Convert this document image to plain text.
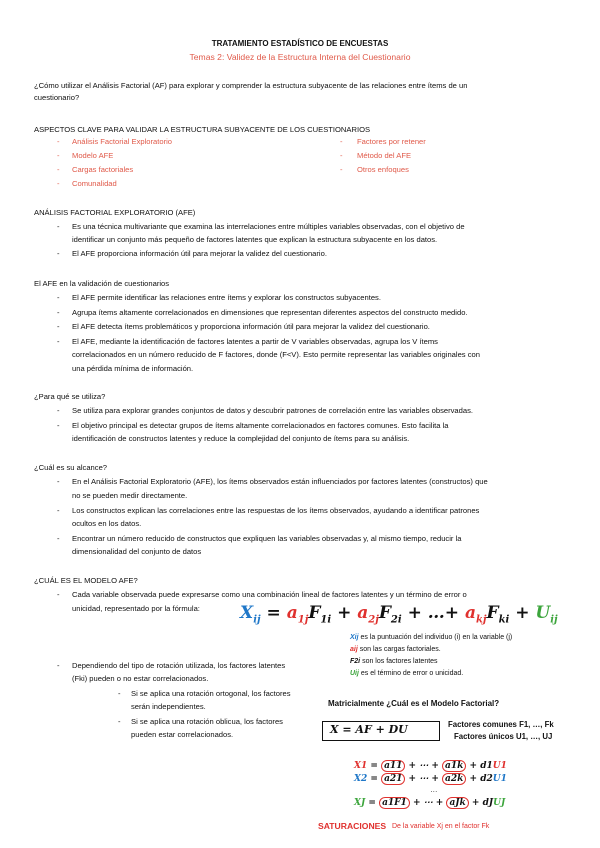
TRATAMIENTO ESTADÍSTICO DE ENCUESTAS
Temas 2: Validez de la Estructura Interna del Cuestionario
¿Cómo utilizar el Análisis Factorial (AF) para explorar y comprender la estructura subyacente de las relaciones entre ítems de un
cuestionario?
ASPECTOS CLAVE PARA VALIDAR LA ESTRUCTURA SUBYACENTE DE LOS CUESTIONARIOS
- Análisis Factorial Exploratorio
- Modelo AFE
- Cargas factoriales
- Comunalidad
- Factores por retener
- Método del AFE
- Otros enfoques
ANÁLISIS FACTORIAL EXPLORATORIO (AFE)
- Es una técnica multivariante que examina las interrelaciones entre múltiples variables observadas, con el objetivo de
identificar un conjunto más pequeño de factores latentes que explican la estructura subyacente en los datos.
- El AFE proporciona información útil para mejorar la validez del cuestionario.
El AFE en la validación de cuestionarios
- El AFE permite identificar las relaciones entre ítems y explorar los constructos subyacentes.
- Agrupa ítems altamente correlacionados en dimensiones que representan diferentes aspectos del constructo medido.
- El AFE detecta ítems problemáticos y proporciona información útil para mejorar la validez del cuestionario.
- El AFE, mediante la identificación de factores latentes a partir de V variables observadas, agrupa los V ítems
correlacionados en un número reducido de F factores, donde (F<V). Esto permite representar las variables originales con
una pérdida mínima de información.
¿Para qué se utiliza?
- Se utiliza para explorar grandes conjuntos de datos y descubrir patrones de correlación entre las variables observadas.
- El objetivo principal es detectar grupos de ítems altamente correlacionados en factores comunes. Esto facilita la
identificación de constructos latentes y reduce la complejidad del conjunto de ítems para su análisis.
¿Cuál es su alcance?
- En el Análisis Factorial Exploratorio (AFE), los ítems observados están influenciados por factores latentes (constructos) que
no se pueden medir directamente.
- Los constructos explican las correlaciones entre las respuestas de los ítems observados, ayudando a identificar patrones
ocultos en los datos.
- Encontrar un número reducido de constructos que expliquen las variables observadas y, al mismo tiempo, reducir la
dimensionalidad del conjunto de datos
¿CUÁL ES EL MODELO AFE?
- Cada variable observada puede expresarse como una combinación lineal de factores latentes y un término de error o
unicidad, representado por la fórmula: $X_{ij} = a_{1j}F_{1i} + a_{2j}F_{2i}$ + …+ $a_{kj}F_{ki} + U_{ij}$
Xij es la puntuación del individuo (i) en la variable (j)
aij son las cargas factoriales.
F2i son los factores latentes
Uij es el término de error o unicidad.
- Dependiendo del tipo de rotación utilizada, los factores latentes
(Fki) pueden o no estar correlacionados.
- Si se aplica una rotación ortogonal, los factores
serán independientes.
- Si se aplica una rotación oblicua, los factores
pueden estar correlacionados.
Matricialmente ¿Cuál es el Modelo Factorial?
X = AF + DU	Factores comunes F1, …, Fk
Factores únicos U1, …, UJ
X1 = a11 + ⋯ + a1k + d1U1
X2 = a21 + ⋯ + a2k + d2U1
…
XJ = a1F1 + ⋯ + aJk + dJUJ
SATURACIONES De la variable Xj en el factor Fk
